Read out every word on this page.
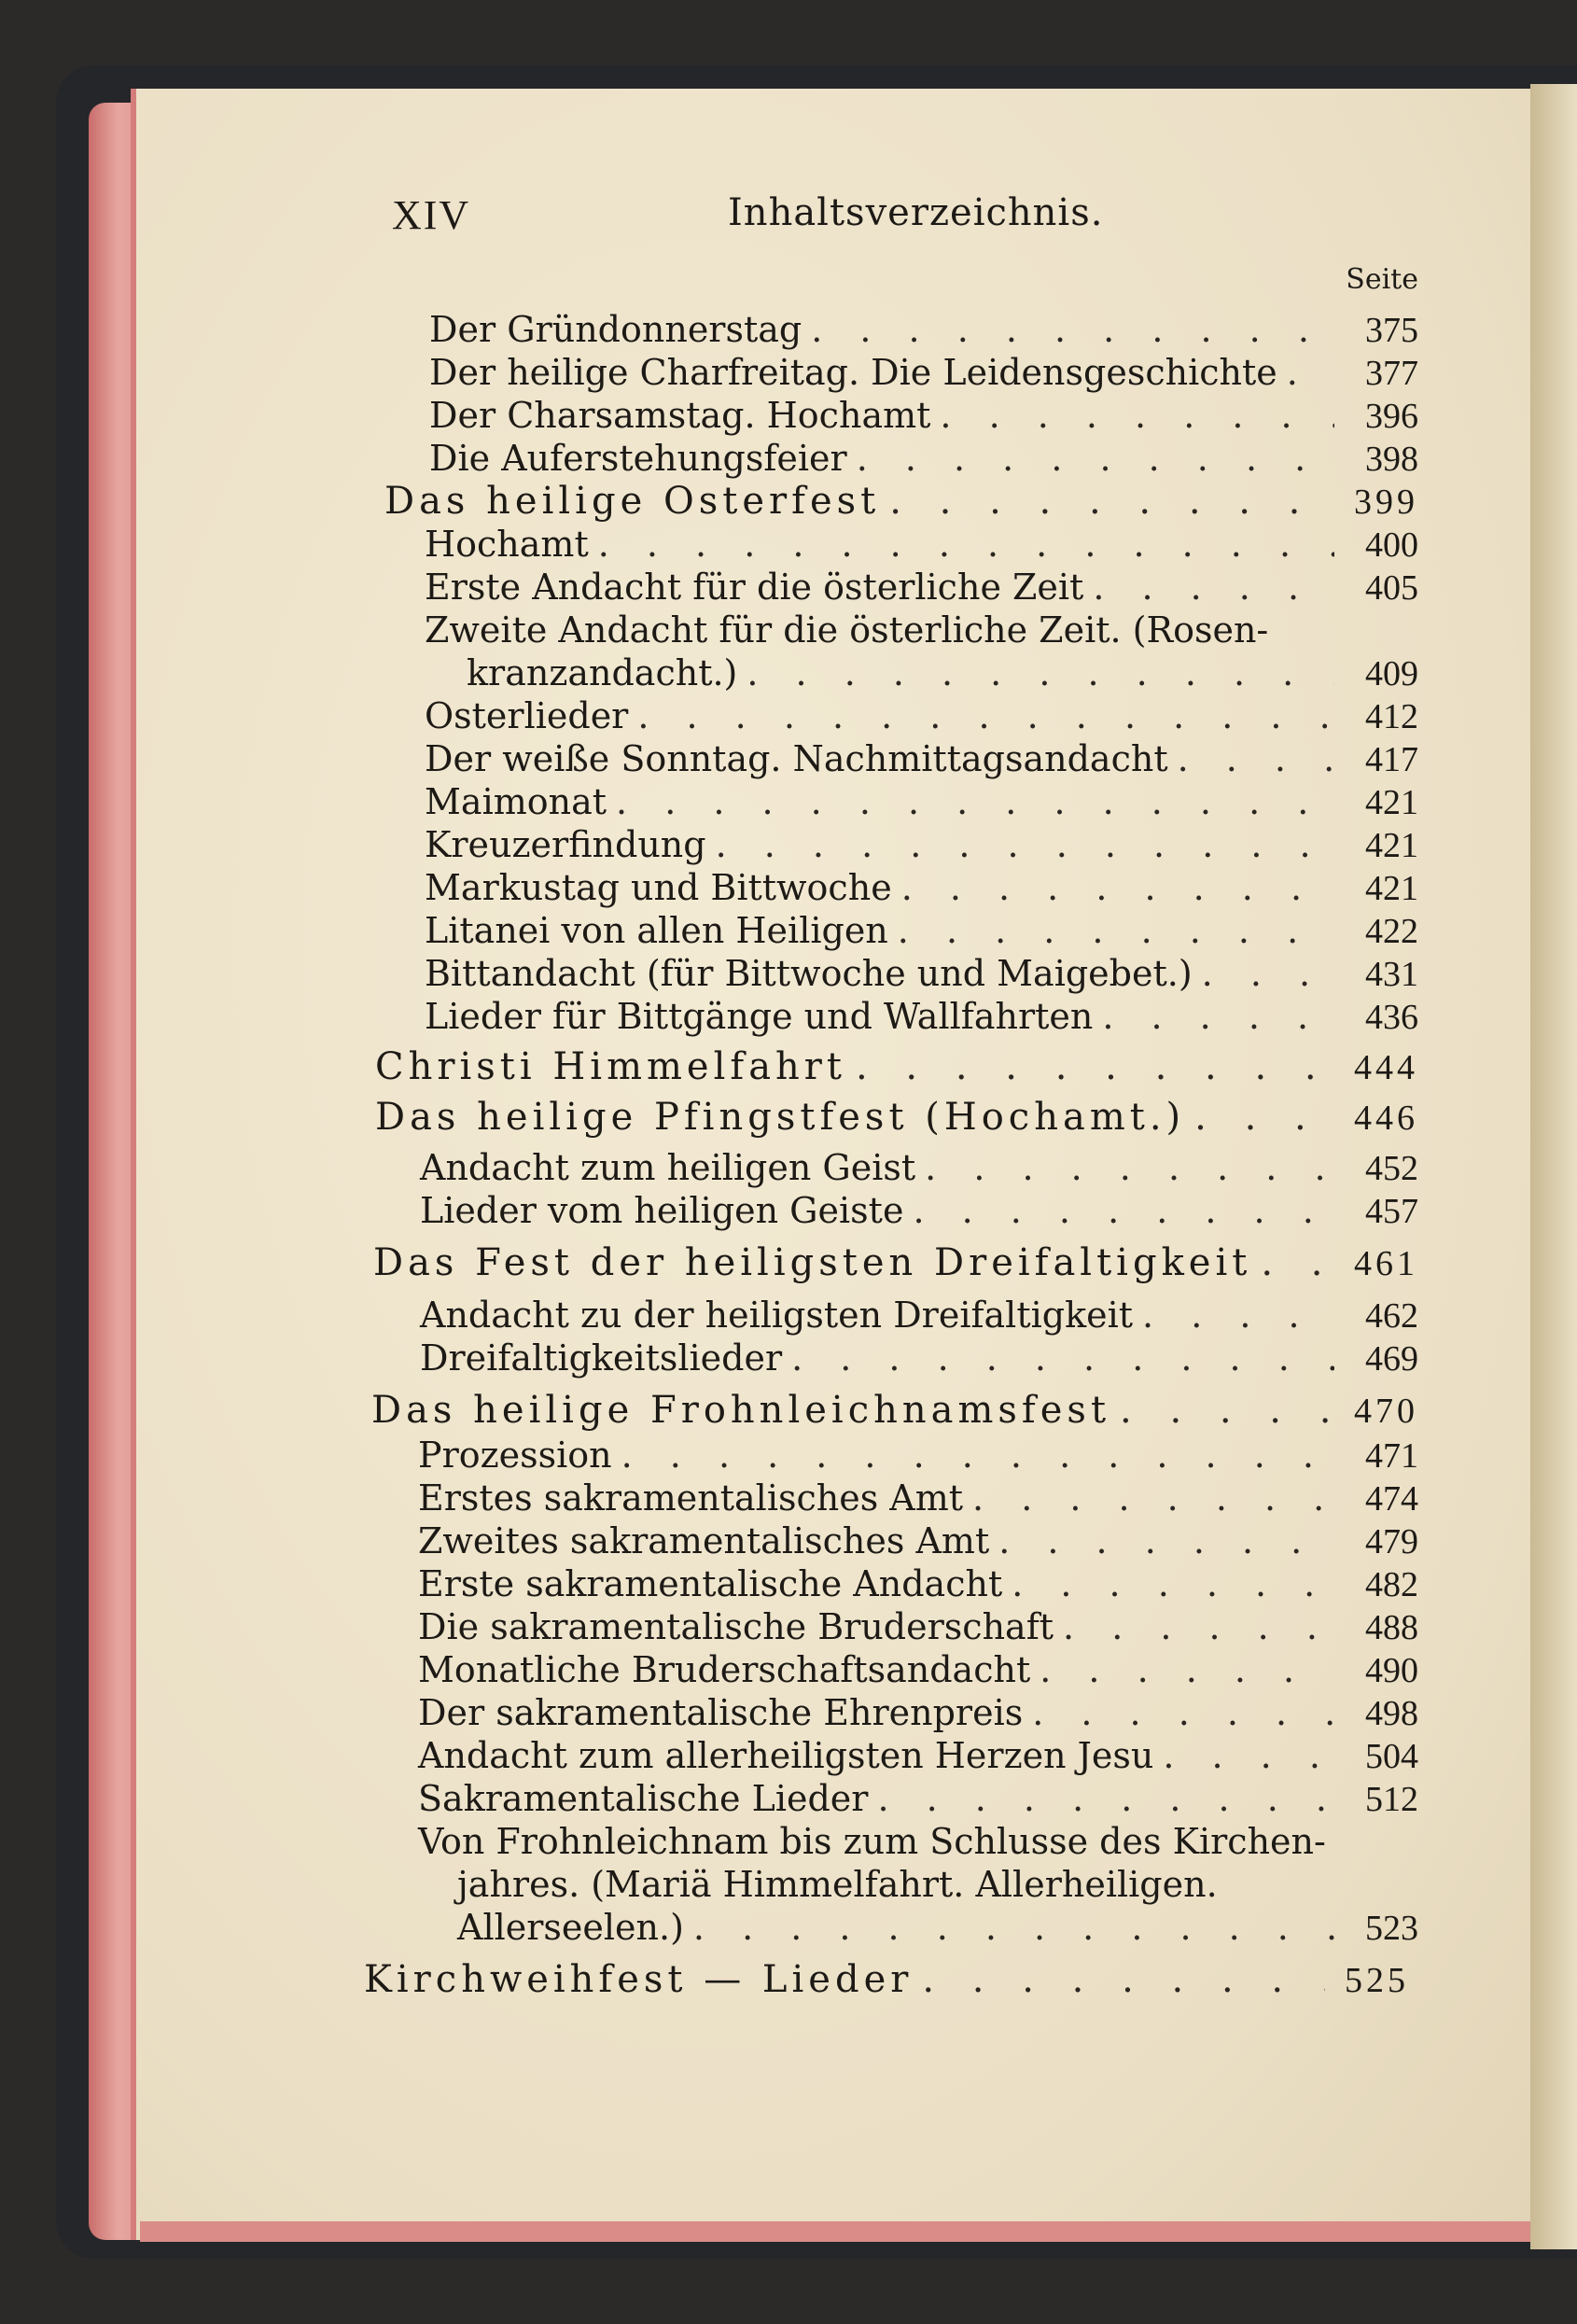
XIV	Inhaltsverzeichnis.
Seite
Der Gründonnerstag . . .	375
Der heilige Charfreitag. Die Leidensgeschichte . . .	377
Der Charsamstag. Hochamt . . .	396
Die Auferstehungsfeier . . .	398
Das heilige Osterfest . . .	399
Hochamt . . .	400
Erste Andacht für die österliche Zeit . . .	405
Zweite Andacht für die österliche Zeit. (Rosen-
kranzandacht.) . . .	409
Osterlieder . . .	412
Der weiße Sonntag. Nachmittagsandacht . . .	417
Maimonat . . .	421
Kreuzerfindung . . .	421
Markustag und Bittwoche . . .	421
Litanei von allen Heiligen . . .	422
Bittandacht (für Bittwoche und Maigebet.) . . .	431
Lieder für Bittgänge und Wallfahrten . . .	436
Christi Himmelfahrt . . .	444
Das heilige Pfingstfest (Hochamt.) . . .	446
Andacht zum heiligen Geist . . .	452
Lieder vom heiligen Geiste . . .	457
Das Fest der heiligsten Dreifaltigkeit . . .	461
Andacht zu der heiligsten Dreifaltigkeit . . .	462
Dreifaltigkeitslieder . . .	469
Das heilige Frohnleichnamsfest . . .	470
Prozession . . .	471
Erstes sakramentalisches Amt . . .	474
Zweites sakramentalisches Amt . . .	479
Erste sakramentalische Andacht . . .	482
Die sakramentalische Bruderschaft . . .	488
Monatliche Bruderschaftsandacht . . .	490
Der sakramentalische Ehrenpreis . . .	498
Andacht zum allerheiligsten Herzen Jesu . . .	504
Sakramentalische Lieder . . .	512
Von Frohnleichnam bis zum Schlusse des Kirchen-
jahres. (Mariä Himmelfahrt. Allerheiligen.
Allerseelen.) . . .	523
Kirchweihfest — Lieder . . .	525
